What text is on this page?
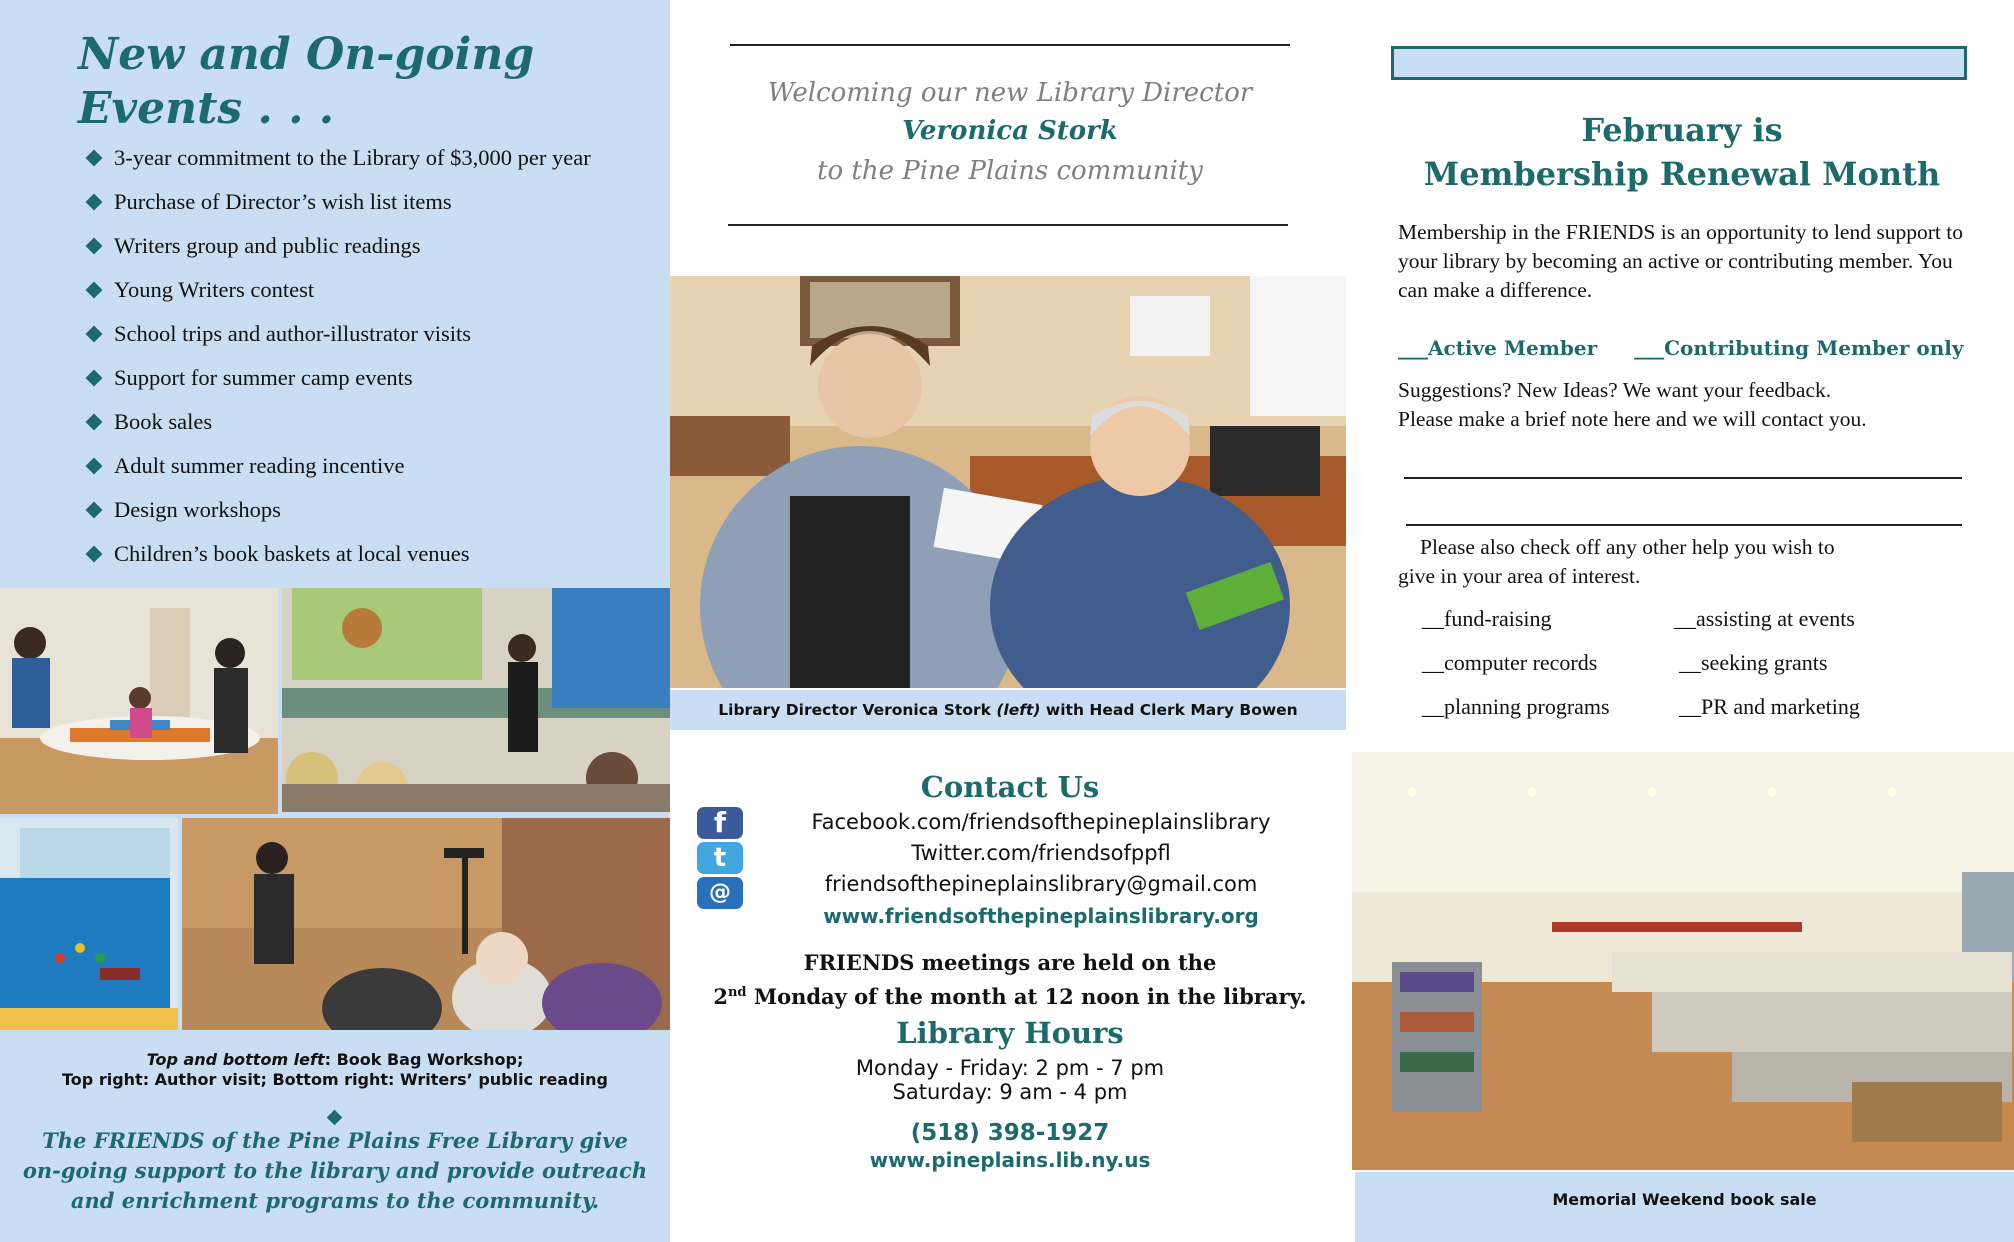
New and On-going
Events . . .
3-year commitment to the Library of $3,000 per year
Purchase of Director’s wish list items
Writers group and public readings
Young Writers contest
School trips and author-illustrator visits
Support for summer camp events
Book sales
Adult summer reading incentive
Design workshops
Children’s book baskets at local venues
Top and bottom left: Book Bag Workshop;
Top right: Author visit; Bottom right: Writers’ public reading
The FRIENDS of the Pine Plains Free Library give on-going support to the library and provide outreach and enrichment programs to the community.
Welcoming our new Library Director
Veronica Stork
to the Pine Plains community
Library Director Veronica Stork (left) with Head Clerk Mary Bowen
Contact Us
f
t
@
Facebook.com/friendsofthepineplainslibrary
Twitter.com/friendsofppfl
friendsofthepineplainslibrary@gmail.com
www.friendsofthepineplainslibrary.org
FRIENDS meetings are held on the
2nd Monday of the month at 12 noon in the library.
Library Hours
Monday - Friday: 2 pm - 7 pm
Saturday: 9 am - 4 pm
(518) 398-1927
www.pineplains.lib.ny.us
February is
Membership Renewal Month
Membership in the FRIENDS is an opportunity to lend support to your library by becoming an active or contributing member. You can make a difference.
___Active Member ___Contributing Member only
Suggestions? New Ideas? We want your feedback.
Please make a brief note here and we will contact you.
Please also check off any other help you wish to
give in your area of interest.
__fund-raising	__assisting at events
__computer records	__seeking grants
__planning programs	__PR and marketing
Memorial Weekend book sale
